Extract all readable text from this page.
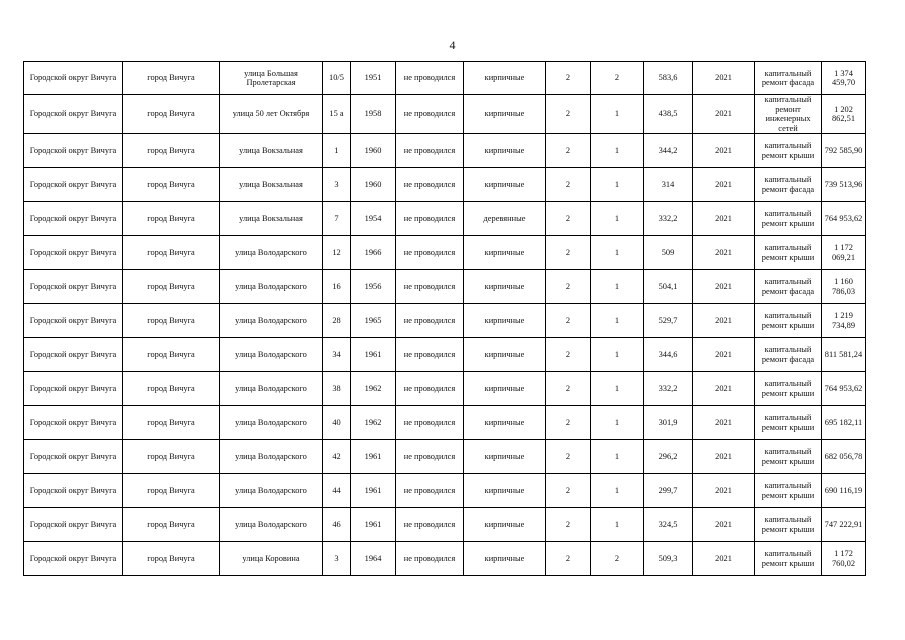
4
Городской округ Вичуга	город Вичуга	улица Большая Пролетарская	10/5	1951	не проводился	кирпичные	2	2	583,6	2021	капитальный ремонт фасада	1 374 459,70
Городской округ Вичуга	город Вичуга	улица 50 лет Октября	15 а	1958	не проводился	кирпичные	2	1	438,5	2021	капитальный ремонт инженерных сетей	1 202 862,51
Городской округ Вичуга	город Вичуга	улица Вокзальная	1	1960	не проводился	кирпичные	2	1	344,2	2021	капитальный ремонт крыши	792 585,90
Городской округ Вичуга	город Вичуга	улица Вокзальная	3	1960	не проводился	кирпичные	2	1	314	2021	капитальный ремонт фасада	739 513,96
Городской округ Вичуга	город Вичуга	улица Вокзальная	7	1954	не проводился	деревянные	2	1	332,2	2021	капитальный ремонт крыши	764 953,62
Городской округ Вичуга	город Вичуга	улица Володарского	12	1966	не проводился	кирпичные	2	1	509	2021	капитальный ремонт крыши	1 172 069,21
Городской округ Вичуга	город Вичуга	улица Володарского	16	1956	не проводился	кирпичные	2	1	504,1	2021	капитальный ремонт фасада	1 160 786,03
Городской округ Вичуга	город Вичуга	улица Володарского	28	1965	не проводился	кирпичные	2	1	529,7	2021	капитальный ремонт крыши	1 219 734,89
Городской округ Вичуга	город Вичуга	улица Володарского	34	1961	не проводился	кирпичные	2	1	344,6	2021	капитальный ремонт фасада	811 581,24
Городской округ Вичуга	город Вичуга	улица Володарского	38	1962	не проводился	кирпичные	2	1	332,2	2021	капитальный ремонт крыши	764 953,62
Городской округ Вичуга	город Вичуга	улица Володарского	40	1962	не проводился	кирпичные	2	1	301,9	2021	капитальный ремонт крыши	695 182,11
Городской округ Вичуга	город Вичуга	улица Володарского	42	1961	не проводился	кирпичные	2	1	296,2	2021	капитальный ремонт крыши	682 056,78
Городской округ Вичуга	город Вичуга	улица Володарского	44	1961	не проводился	кирпичные	2	1	299,7	2021	капитальный ремонт крыши	690 116,19
Городской округ Вичуга	город Вичуга	улица Володарского	46	1961	не проводился	кирпичные	2	1	324,5	2021	капитальный ремонт крыши	747 222,91
Городской округ Вичуга	город Вичуга	улица Коровина	3	1964	не проводился	кирпичные	2	2	509,3	2021	капитальный ремонт крыши	1 172 760,02
